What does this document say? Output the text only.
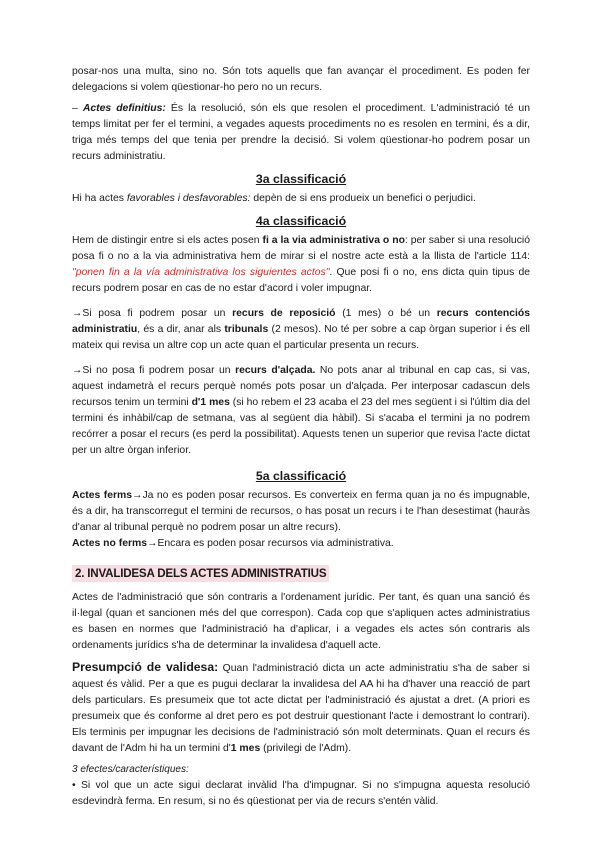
posar-nos una multa, sino no. Són tots aquells que fan avançar el procediment. Es poden fer delegacions si volem qüestionar-ho pero no un recurs.

– Actes definitius: És la resolució, són els que resolen el procediment. L'administració té un temps limitat per fer el termini, a vegades aquests procediments no es resolen en termini, és a dir, triga més temps del que tenia per prendre la decisió. Si volem qüestionar-ho podrem posar un recurs administratiu.

3a classificació

Hi ha actes favorables i desfavorables: depèn de si ens produeix un benefici o perjudici.

4a classificació

Hem de distingir entre si els actes posen fi a la via administrativa o no: per saber si una resolució posa fi o no a la via administrativa hem de mirar si el nostre acte està a la llista de l'article 114: "ponen fin a la vía administrativa los siguientes actos". Que posi fi o no, ens dicta quin tipus de recurs podrem posar en cas de no estar d'acord i voler impugnar.

→Si posa fi podrem posar un recurs de reposició (1 mes) o bé un recurs contenciós administratiu, és a dir, anar als tribunals (2 mesos). No té per sobre a cap òrgan superior i és ell mateix qui revisa un altre cop un acte quan el particular presenta un recurs.

→Si no posa fi podrem posar un recurs d'alçada. No pots anar al tribunal en cap cas, si vas, aquest indametrà el recurs perquè només pots posar un d'alçada. Per interposar cadascun dels recursos tenim un termini d'1 mes (si ho rebem el 23 acaba el 23 del mes següent i si l'últim dia del termini és inhàbil/cap de setmana, vas al següent dia hàbil). Si s'acaba el termini ja no podrem recórrer a posar el recurs (es perd la possibilitat). Aquests tenen un superior que revisa l'acte dictat per un altre òrgan inferior.

5a classificació

Actes ferms→Ja no es poden posar recursos. Es converteix en ferma quan ja no és impugnable, és a dir, ha transcorregut el termini de recursos, o has posat un recurs i te l'han desestimat (hauràs d'anar al tribunal perquè no podrem posar un altre recurs).

Actes no ferms→Encara es poden posar recursos via administrativa.

2. INVALIDESA DELS ACTES ADMINISTRATIUS

Actes de l'administració que són contraris a l'ordenament jurídic. Per tant, és quan una sanció és il·legal (quan et sancionen més del que correspon). Cada cop que s'apliquen actes administratius es basen en normes que l'administració ha d'aplicar, i a vegades els actes són contraris als ordenaments jurídics s'ha de determinar la invalidesa d'aquell acte.

Presumpció de validesa: Quan l'administració dicta un acte administratiu s'ha de saber si aquest és vàlid. Per a que es pugui declarar la invalidesa del AA hi ha d'haver una reacció de part dels particulars. Es presumeix que tot acte dictat per l'administració és ajustat a dret. (A priori es presumeix que és conforme al dret pero es pot destruir questionant l'acte i demostrant lo contrari). Els terminis per impugnar les decisions de l'administració són molt determinats. Quan el recurs és davant de l'Adm hi ha un termini d'1 mes (privilegi de l'Adm).

3 efectes/característiques:

• Si vol que un acte sigui declarat invàlid l'ha d'impugnar. Si no s'impugna aquesta resolució esdevindrà ferma. En resum, si no és qüestionat per via de recurs s'entén vàlid.
